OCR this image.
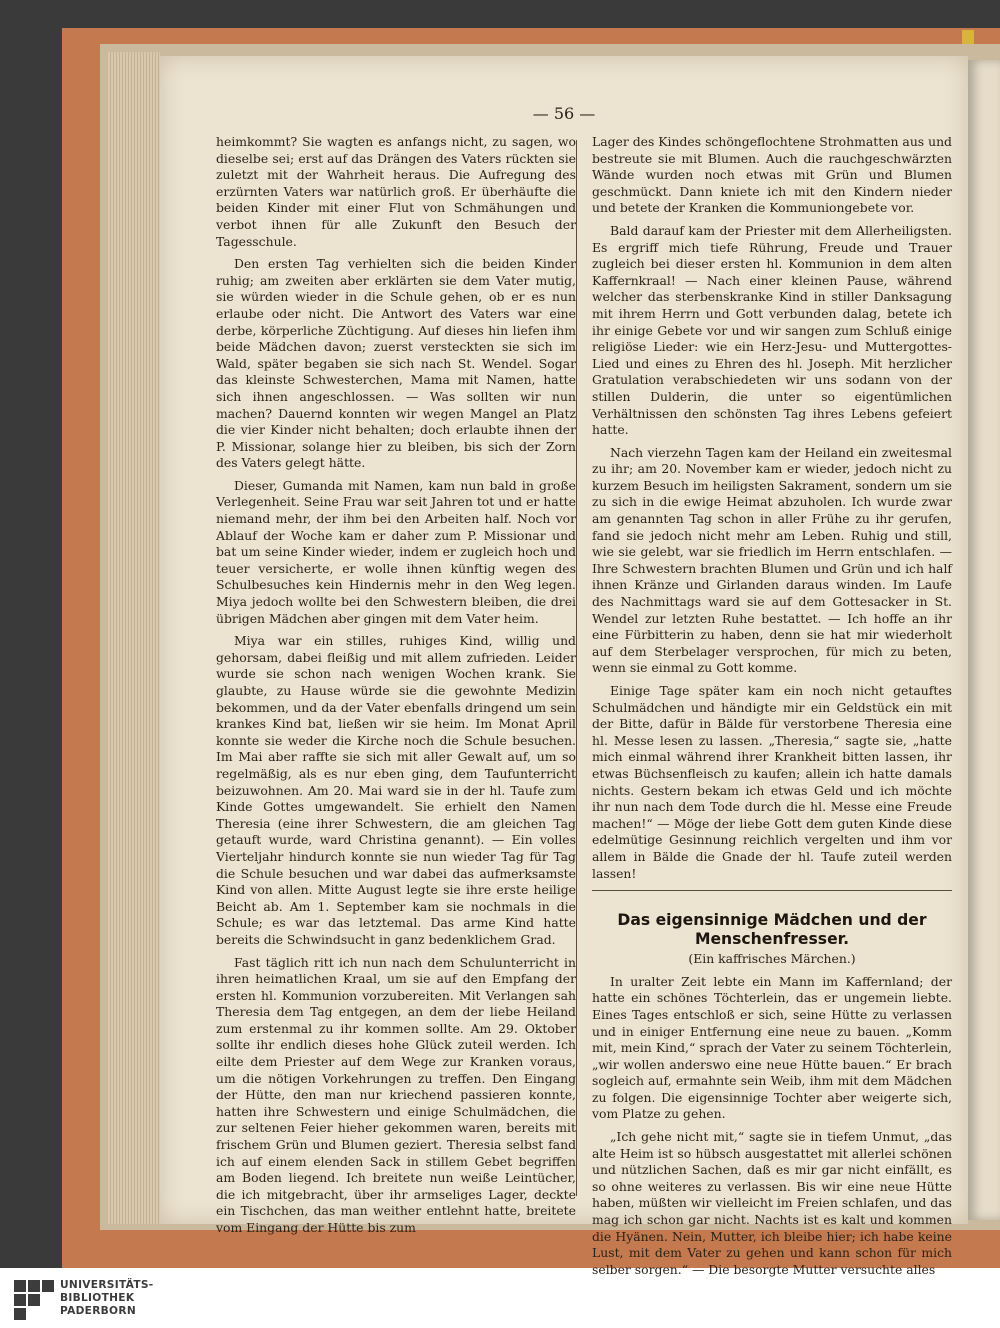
— 56 —

heimkommt? Sie wagten es anfangs nicht, zu sagen, wo dieselbe sei; erst auf das Drängen des Vaters rückten sie zuletzt mit der Wahrheit heraus. Die Aufregung des erzürnten Vaters war natürlich groß. Er überhäufte die beiden Kinder mit einer Flut von Schmähungen und verbot ihnen für alle Zukunft den Besuch der Tagesschule.

Den ersten Tag verhielten sich die beiden Kinder ruhig; am zweiten aber erklärten sie dem Vater mutig, sie würden wieder in die Schule gehen, ob er es nun erlaube oder nicht. Die Antwort des Vaters war eine derbe, körperliche Züchtigung. Auf dieses hin liefen ihm beide Mädchen davon; zuerst versteckten sie sich im Wald, später begaben sie sich nach St. Wendel. Sogar das kleinste Schwesterchen, Mama mit Namen, hatte sich ihnen angeschlossen. — Was sollten wir nun machen? Dauernd konnten wir wegen Mangel an Platz die vier Kinder nicht behalten; doch erlaubte ihnen der P. Missionar, solange hier zu bleiben, bis sich der Zorn des Vaters gelegt hätte.

Dieser, Gumanda mit Namen, kam nun bald in große Verlegenheit. Seine Frau war seit Jahren tot und er hatte niemand mehr, der ihm bei den Arbeiten half. Noch vor Ablauf der Woche kam er daher zum P. Missionar und bat um seine Kinder wieder, indem er zugleich hoch und teuer versicherte, er wolle ihnen künftig wegen des Schulbesuches kein Hindernis mehr in den Weg legen. Miya jedoch wollte bei den Schwestern bleiben, die drei übrigen Mädchen aber gingen mit dem Vater heim.

Miya war ein stilles, ruhiges Kind, willig und gehorsam, dabei fleißig und mit allem zufrieden. Leider wurde sie schon nach wenigen Wochen krank. Sie glaubte, zu Hause würde sie die gewohnte Medizin bekommen, und da der Vater ebenfalls dringend um sein krankes Kind bat, ließen wir sie heim. Im Monat April konnte sie weder die Kirche noch die Schule besuchen. Im Mai aber raffte sie sich mit aller Gewalt auf, um so regelmäßig, als es nur eben ging, dem Taufunterricht beizuwohnen. Am 20. Mai ward sie in der hl. Taufe zum Kinde Gottes umgewandelt. Sie erhielt den Namen Theresia (eine ihrer Schwestern, die am gleichen Tag getauft wurde, ward Christina genannt). — Ein volles Vierteljahr hindurch konnte sie nun wieder Tag für Tag die Schule besuchen und war dabei das aufmerksamste Kind von allen. Mitte August legte sie ihre erste heilige Beicht ab. Am 1. September kam sie nochmals in die Schule; es war das letztemal. Das arme Kind hatte bereits die Schwindsucht in ganz bedenklichem Grad.

Fast täglich ritt ich nun nach dem Schulunterricht in ihren heimatlichen Kraal, um sie auf den Empfang der ersten hl. Kommunion vorzubereiten. Mit Verlangen sah Theresia dem Tag entgegen, an dem der liebe Heiland zum erstenmal zu ihr kommen sollte. Am 29. Oktober sollte ihr endlich dieses hohe Glück zuteil werden. Ich eilte dem Priester auf dem Wege zur Kranken voraus, um die nötigen Vorkehrungen zu treffen. Den Eingang der Hütte, den man nur kriechend passieren konnte, hatten ihre Schwestern und einige Schulmädchen, die zur seltenen Feier hieher gekommen waren, bereits mit frischem Grün und Blumen geziert. Theresia selbst fand ich auf einem elenden Sack in stillem Gebet begriffen am Boden liegend. Ich breitete nun weiße Leintücher, die ich mitgebracht, über ihr armseliges Lager, deckte ein Tischchen, das man weither entlehnt hatte, breitete vom Eingang der Hütte bis zum

Lager des Kindes schöngeflochtene Strohmatten aus und bestreute sie mit Blumen. Auch die rauchgeschwärzten Wände wurden noch etwas mit Grün und Blumen geschmückt. Dann kniete ich mit den Kindern nieder und betete der Kranken die Kommuniongebete vor.

Bald darauf kam der Priester mit dem Allerheiligsten. Es ergriff mich tiefe Rührung, Freude und Trauer zugleich bei dieser ersten hl. Kommunion in dem alten Kaffernkraal! — Nach einer kleinen Pause, während welcher das sterbenskranke Kind in stiller Danksagung mit ihrem Herrn und Gott verbunden dalag, betete ich ihr einige Gebete vor und wir sangen zum Schluß einige religiöse Lieder: wie ein Herz-Jesu- und Muttergottes-Lied und eines zu Ehren des hl. Joseph. Mit herzlicher Gratulation verabschiedeten wir uns sodann von der stillen Dulderin, die unter so eigentümlichen Verhältnissen den schönsten Tag ihres Lebens gefeiert hatte.

Nach vierzehn Tagen kam der Heiland ein zweitesmal zu ihr; am 20. November kam er wieder, jedoch nicht zu kurzem Besuch im heiligsten Sakrament, sondern um sie zu sich in die ewige Heimat abzuholen. Ich wurde zwar am genannten Tag schon in aller Frühe zu ihr gerufen, fand sie jedoch nicht mehr am Leben. Ruhig und still, wie sie gelebt, war sie friedlich im Herrn entschlafen. — Ihre Schwestern brachten Blumen und Grün und ich half ihnen Kränze und Girlanden daraus winden. Im Laufe des Nachmittags ward sie auf dem Gottesacker in St. Wendel zur letzten Ruhe bestattet. — Ich hoffe an ihr eine Fürbitterin zu haben, denn sie hat mir wiederholt auf dem Sterbelager versprochen, für mich zu beten, wenn sie einmal zu Gott komme.

Einige Tage später kam ein noch nicht getauftes Schulmädchen und händigte mir ein Geldstück ein mit der Bitte, dafür in Bälde für verstorbene Theresia eine hl. Messe lesen zu lassen. „Theresia,“ sagte sie, „hatte mich einmal während ihrer Krankheit bitten lassen, ihr etwas Büchsenfleisch zu kaufen; allein ich hatte damals nichts. Gestern bekam ich etwas Geld und ich möchte ihr nun nach dem Tode durch die hl. Messe eine Freude machen!“ — Möge der liebe Gott dem guten Kinde diese edelmütige Gesinnung reichlich vergelten und ihm vor allem in Bälde die Gnade der hl. Taufe zuteil werden lassen!

Das eigensinnige Mädchen und der Menschenfresser.
(Ein kaffrisches Märchen.)

In uralter Zeit lebte ein Mann im Kaffernland; der hatte ein schönes Töchterlein, das er ungemein liebte. Eines Tages entschloß er sich, seine Hütte zu verlassen und in einiger Entfernung eine neue zu bauen. „Komm mit, mein Kind,“ sprach der Vater zu seinem Töchterlein, „wir wollen anderswo eine neue Hütte bauen.“ Er brach sogleich auf, ermahnte sein Weib, ihm mit dem Mädchen zu folgen. Die eigensinnige Tochter aber weigerte sich, vom Platze zu gehen.

„Ich gehe nicht mit,“ sagte sie in tiefem Unmut, „das alte Heim ist so hübsch ausgestattet mit allerlei schönen und nützlichen Sachen, daß es mir gar nicht einfällt, es so ohne weiteres zu verlassen. Bis wir eine neue Hütte haben, müßten wir vielleicht im Freien schlafen, und das mag ich schon gar nicht. Nachts ist es kalt und kommen die Hyänen. Nein, Mutter, ich bleibe hier; ich habe keine Lust, mit dem Vater zu gehen und kann schon für mich selber sorgen.“ — Die besorgte Mutter versuchte alles

UNIVERSITÄTS-
BIBLIOTHEK
PADERBORN
